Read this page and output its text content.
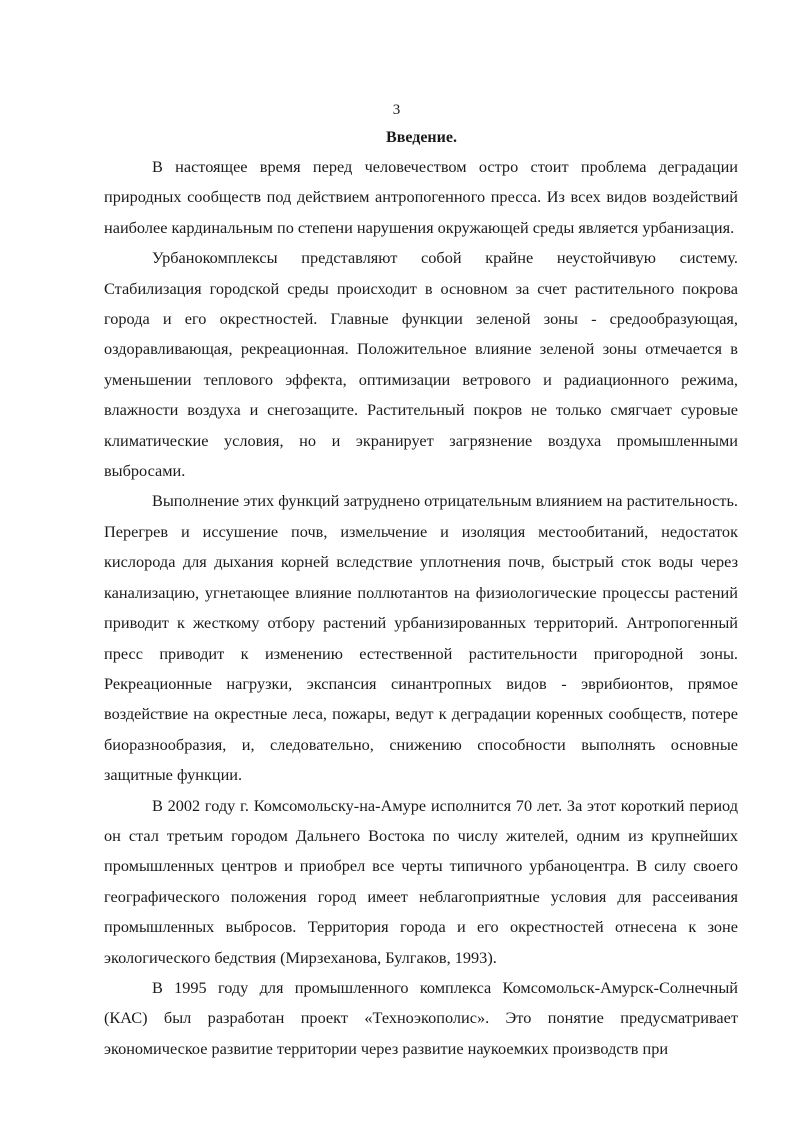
3
Введение.

В настоящее время перед человечеством остро стоит проблема деградации природных сообществ под действием антропогенного пресса. Из всех видов воздействий наиболее кардинальным по степени нарушения окружающей среды является урбанизация.

Урбанокомплексы представляют собой крайне неустойчивую систему. Стабилизация городской среды происходит в основном за счет растительного покрова города и его окрестностей. Главные функции зеленой зоны - средообразующая, оздоравливающая, рекреационная. Положительное влияние зеленой зоны отмечается в уменьшении теплового эффекта, оптимизации ветрового и радиационного режима, влажности воздуха и снегозащите. Растительный покров не только смягчает суровые климатические условия, но и экранирует загрязнение воздуха промышленными выбросами.

Выполнение этих функций затруднено отрицательным влиянием на растительность. Перегрев и иссушение почв, измельчение и изоляция местообитаний, недостаток кислорода для дыхания корней вследствие уплотнения почв, быстрый сток воды через канализацию, угнетающее влияние поллютантов на физиологические процессы растений приводит к жесткому отбору растений урбанизированных территорий. Антропогенный пресс приводит к изменению естественной растительности пригородной зоны. Рекреационные нагрузки, экспансия синантропных видов - эврибионтов, прямое воздействие на окрестные леса, пожары, ведут к деградации коренных сообществ, потере биоразнообразия, и, следовательно, снижению способности выполнять основные защитные функции.

В 2002 году г. Комсомольску-на-Амуре исполнится 70 лет. За этот короткий период он стал третьим городом Дальнего Востока по числу жителей, одним из крупнейших промышленных центров и приобрел все черты типичного урбаноцентра. В силу своего географического положения город имеет неблагоприятные условия для рассеивания промышленных выбросов. Территория города и его окрестностей отнесена к зоне экологического бедствия (Мирзеханова, Булгаков, 1993).

В 1995 году для промышленного комплекса Комсомольск-Амурск-Солнечный (КАС) был разработан проект «Техноэкополис». Это понятие предусматривает экономическое развитие территории через развитие наукоемких производств при
